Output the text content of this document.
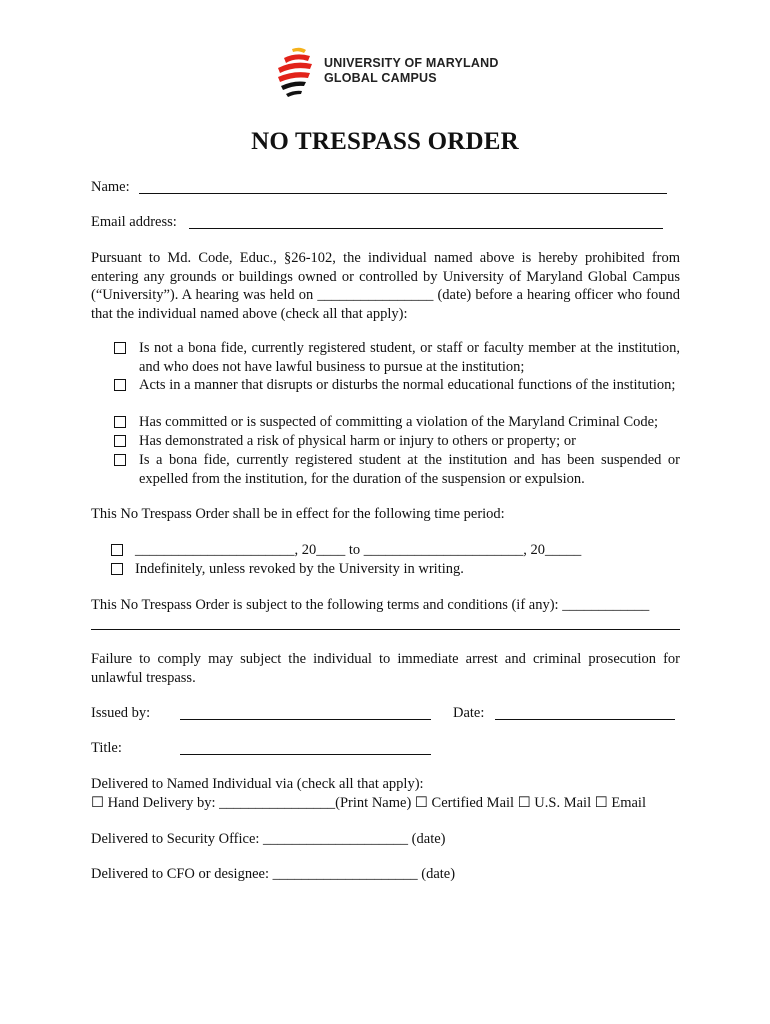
UNIVERSITY OF MARYLAND
GLOBAL CAMPUS
NO TRESPASS ORDER
Name:
Email address:
Pursuant to Md. Code, Educ., §26-102, the individual named above is hereby prohibited from entering any grounds or buildings owned or controlled by University of Maryland Global Campus (“University”). A hearing was held on ________________ (date) before a hearing officer who found that the individual named above (check all that apply):
Is not a bona fide, currently registered student, or staff or faculty member at the institution, and who does not have lawful business to pursue at the institution;
Acts in a manner that disrupts or disturbs the normal educational functions of the institution;
Has committed or is suspected of committing a violation of the Maryland Criminal Code;
Has demonstrated a risk of physical harm or injury to others or property; or
Is a bona fide, currently registered student at the institution and has been suspended or expelled from the institution, for the duration of the suspension or expulsion.
This No Trespass Order shall be in effect for the following time period:
______________________, 20____ to ______________________, 20_____
Indefinitely, unless revoked by the University in writing.
This No Trespass Order is subject to the following terms and conditions (if any): ____________
Failure to comply may subject the individual to immediate arrest and criminal prosecution for unlawful trespass.
Issued by:	Date:
Title:
Delivered to Named Individual via (check all that apply):
☐ Hand Delivery by: ________________(Print Name) ☐ Certified Mail ☐ U.S. Mail ☐ Email
Delivered to Security Office: ____________________ (date)
Delivered to CFO or designee: ____________________ (date)
